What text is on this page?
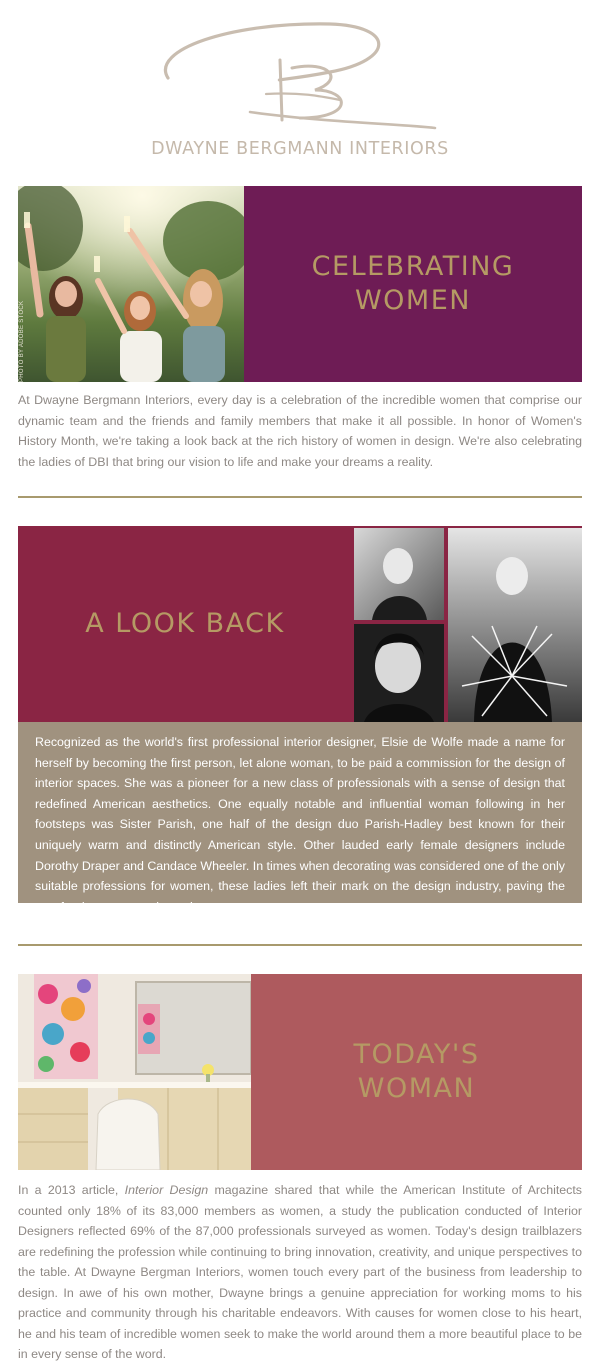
DWAYNE BERGMANN INTERIORS
PHOTO BY ADOBE STOCK
CELEBRATING
WOMEN

At Dwayne Bergmann Interiors, every day is a celebration of the incredible women that comprise our dynamic team and the friends and family members that make it all possible. In honor of Women's History Month, we're taking a look back at the rich history of women in design. We're also celebrating the ladies of DBI that bring our vision to life and make your dreams a reality.

A LOOK BACK
Recognized as the world's first professional interior designer, Elsie de Wolfe made a name for herself by becoming the first person, let alone woman, to be paid a commission for the design of interior spaces. She was a pioneer for a new class of professionals with a sense of design that redefined American aesthetics. One equally notable and influential woman following in her footsteps was Sister Parish, one half of the design duo Parish-Hadley best known for their uniquely warm and distinctly American style. Other lauded early female designers include Dorothy Draper and Candace Wheeler. In times when decorating was considered one of the only suitable professions for women, these ladies left their mark on the design industry, paving the way for the one we enjoy today.
TODAY'S
WOMAN

In a 2013 article, Interior Design magazine shared that while the American Institute of Architects counted only 18% of its 83,000 members as women, a study the publication conducted of Interior Designers reflected 69% of the 87,000 professionals surveyed as women. Today's design trailblazers are redefining the profession while continuing to bring innovation, creativity, and unique perspectives to the table. At Dwayne Bergman Interiors, women touch every part of the business from leadership to design. In awe of his own mother, Dwayne brings a genuine appreciation for working moms to his practice and community through his charitable endeavors. With causes for women close to his heart, he and his team of incredible women seek to make the world around them a more beautiful place to be in every sense of the word.
